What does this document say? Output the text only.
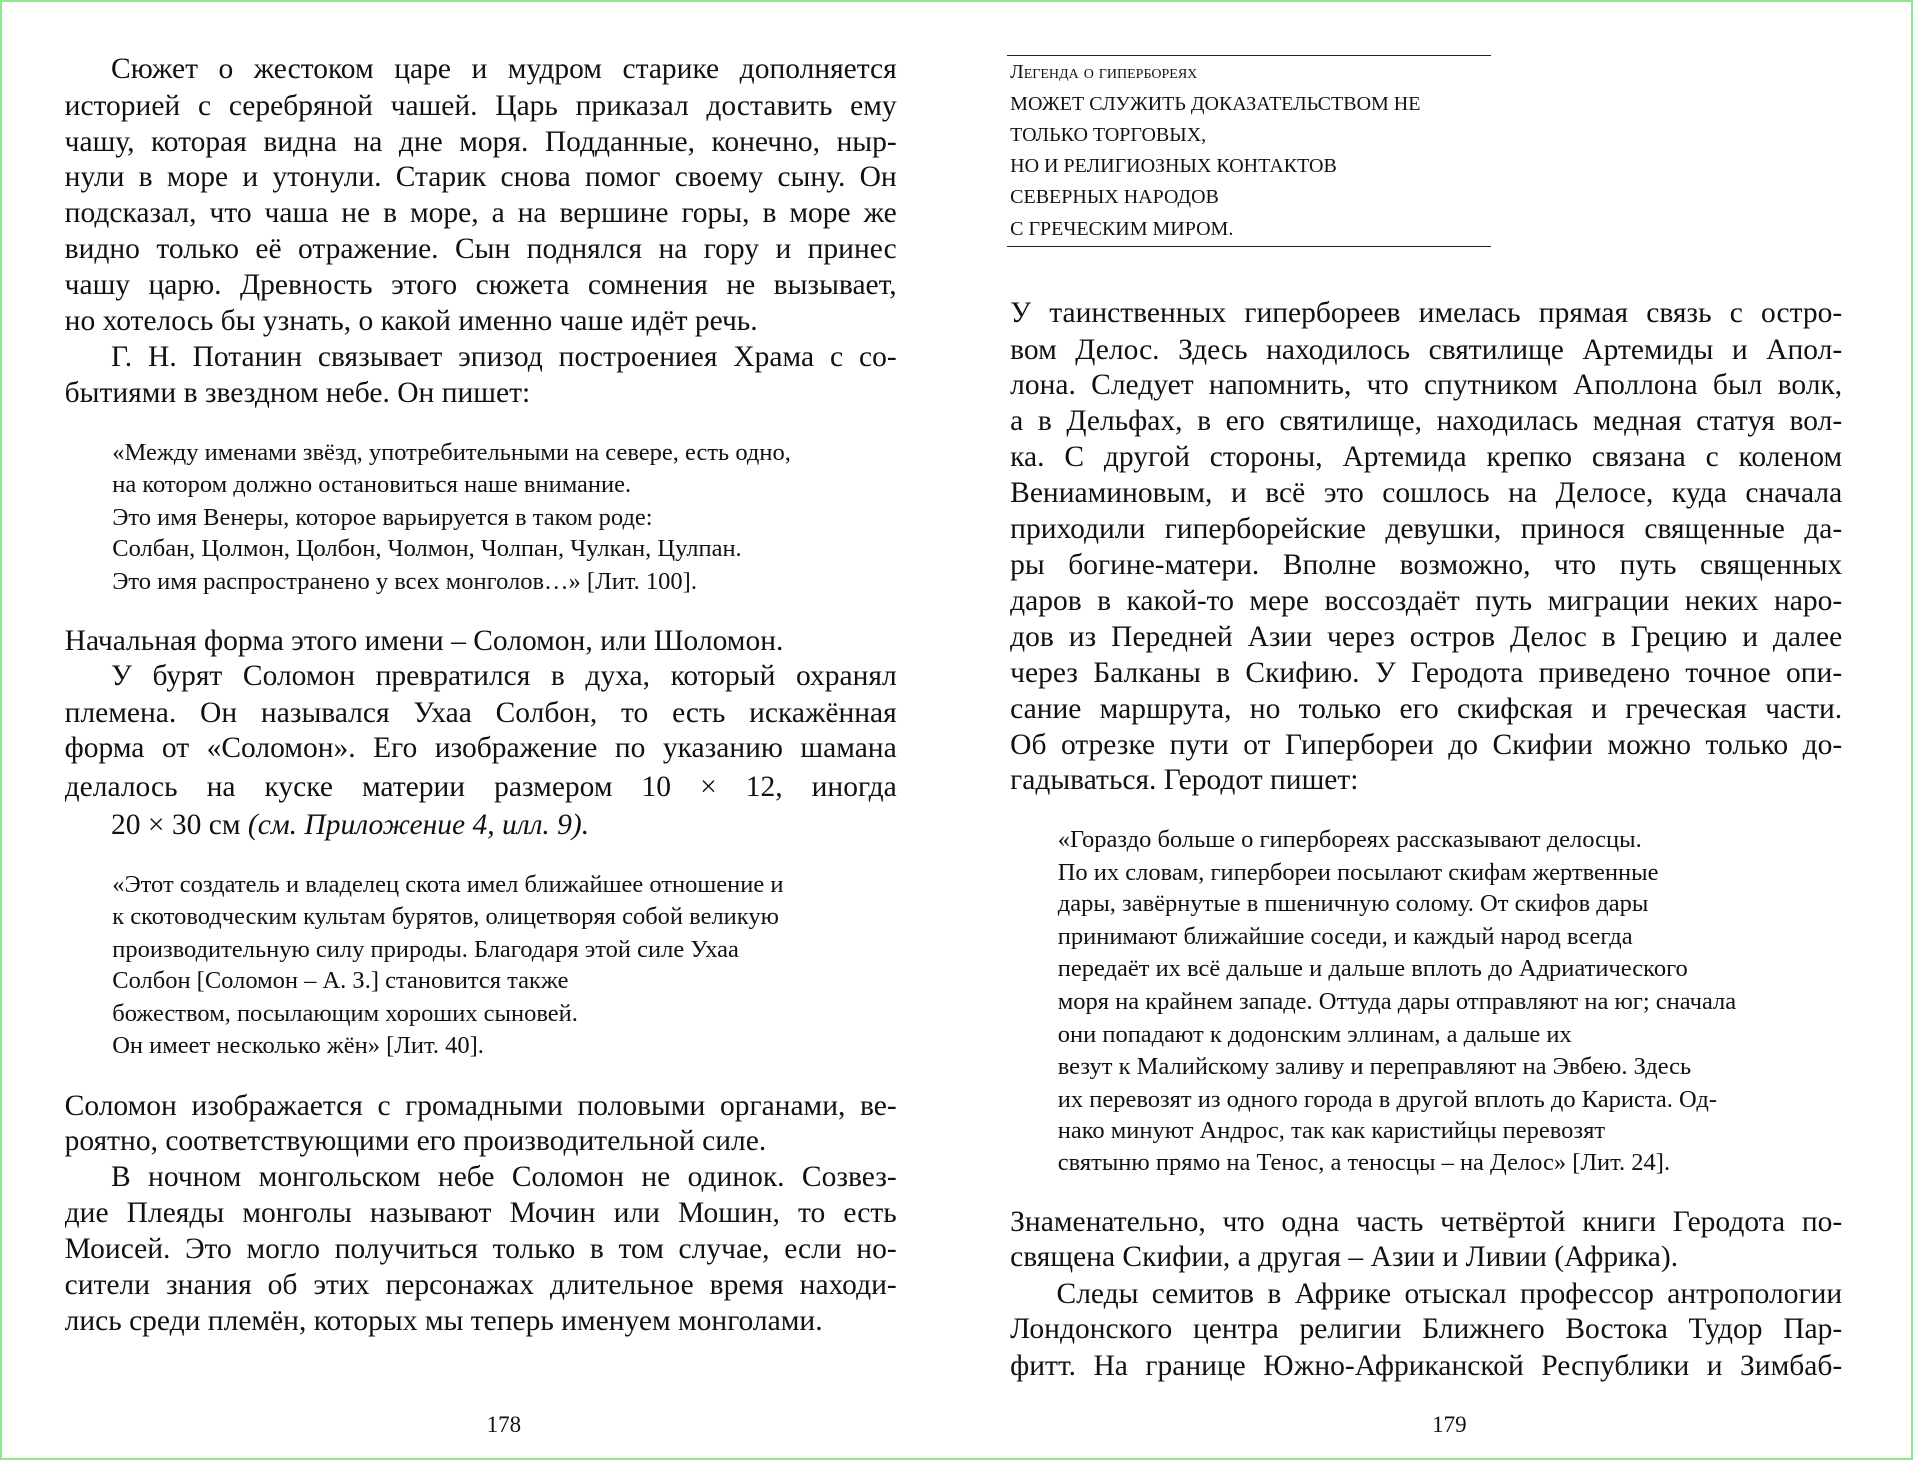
Сюжет о жестоком царе и мудром старике дополняется
историей с серебряной чашей. Царь приказал доставить ему
чашу, которая видна на дне моря. Подданные, конечно, ныр-
нули в море и утонули. Старик снова помог своему сыну. Он
подсказал, что чаша не в море, а на вершине горы, в море же
видно только её отражение. Сын поднялся на гору и принес
чашу царю. Древность этого сюжета сомнения не вызывает,
но хотелось бы узнать, о какой именно чаше идёт речь.
Г. Н. Потанин связывает эпизод построениея Храма с со-
бытиями в звездном небе. Он пишет:
«Между именами звёзд, употребительными на севере, есть одно,
на котором должно остановиться наше внимание.
Это имя Венеры, которое варьируется в таком роде:
Солбан, Цолмон, Цолбон, Чолмон, Чолпан, Чулкан, Цулпан.
Это имя распространено у всех монголов…» [Лит. 100].
Начальная форма этого имени – Соломон, или Шоломон.
У бурят Соломон превратился в духа, который охранял
племена. Он назывался Ухаа Солбон, то есть искажённая
форма от «Соломон». Его изображение по указанию шамана
делалось на куске материи размером 10 × 12, иногда
20 × 30 см (см. Приложение 4, илл. 9).
«Этот создатель и владелец скота имел ближайшее отношение и
к скотоводческим культам бурятов, олицетворяя собой великую
производительную силу природы. Благодаря этой силе Ухаа
Солбон [Соломон – А. З.] становится также
божеством, посылающим хороших сыновей.
Он имеет несколько жён» [Лит. 40].
Соломон изображается с громадными половыми органами, ве-
роятно, соответствующими его производительной силе.
В ночном монгольском небе Соломон не одинок. Созвез-
дие Плеяды монголы называют Мочин или Мошин, то есть
Моисей. Это могло получиться только в том случае, если но-
сители знания об этих персонажах длительное время находи-
лись среди племён, которых мы теперь именуем монголами.
У таинственных гипербореев имелась прямая связь с остро-
вом Делос. Здесь находилось святилище Артемиды и Апол-
лона. Следует напомнить, что спутником Аполлона был волк,
а в Дельфах, в его святилище, находилась медная статуя вол-
ка. С другой стороны, Артемида крепко связана с коленом
Вениаминовым, и всё это сошлось на Делосе, куда сначала
приходили гиперборейские девушки, принося священные да-
ры богине-матери. Вполне возможно, что путь священных
даров в какой-то мере воссоздаёт путь миграции неких наро-
дов из Передней Азии через остров Делос в Грецию и далее
через Балканы в Скифию. У Геродота приведено точное опи-
сание маршрута, но только его скифская и греческая части.
Об отрезке пути от Гипербореи до Скифии можно только до-
гадываться. Геродот пишет:
«Гораздо больше о гипербореях рассказывают делосцы.
По их словам, гипербореи посылают скифам жертвенные
дары, завёрнутые в пшеничную солому. От скифов дары
принимают ближайшие соседи, и каждый народ всегда
передаёт их всё дальше и дальше вплоть до Адриатического
моря на крайнем западе. Оттуда дары отправляют на юг; сначала
они попадают к додонским эллинам, а дальше их
везут к Малийскому заливу и переправляют на Эвбею. Здесь
их перевозят из одного города в другой вплоть до Кариста. Од-
нако минуют Андрос, так как каристийцы перевозят
святыню прямо на Тенос, а теносцы – на Делос» [Лит. 24].
Знаменательно, что одна часть четвёртой книги Геродота по-
священа Скифии, а другая – Азии и Ливии (Африка).
Следы семитов в Африке отыскал профессор антропологии
Лондонского центра религии Ближнего Востока Тудор Пар-
фитт. На границе Южно-Африканской Республики и Зимбаб-
Легенда о гипербореях
МОЖЕТ СЛУЖИТЬ ДОКАЗАТЕЛЬСТВОМ НЕ
ТОЛЬКО ТОРГОВЫХ,
НО И РЕЛИГИОЗНЫХ КОНТАКТОВ
СЕВЕРНЫХ НАРОДОВ
С ГРЕЧЕСКИМ МИРОМ.
178	179
